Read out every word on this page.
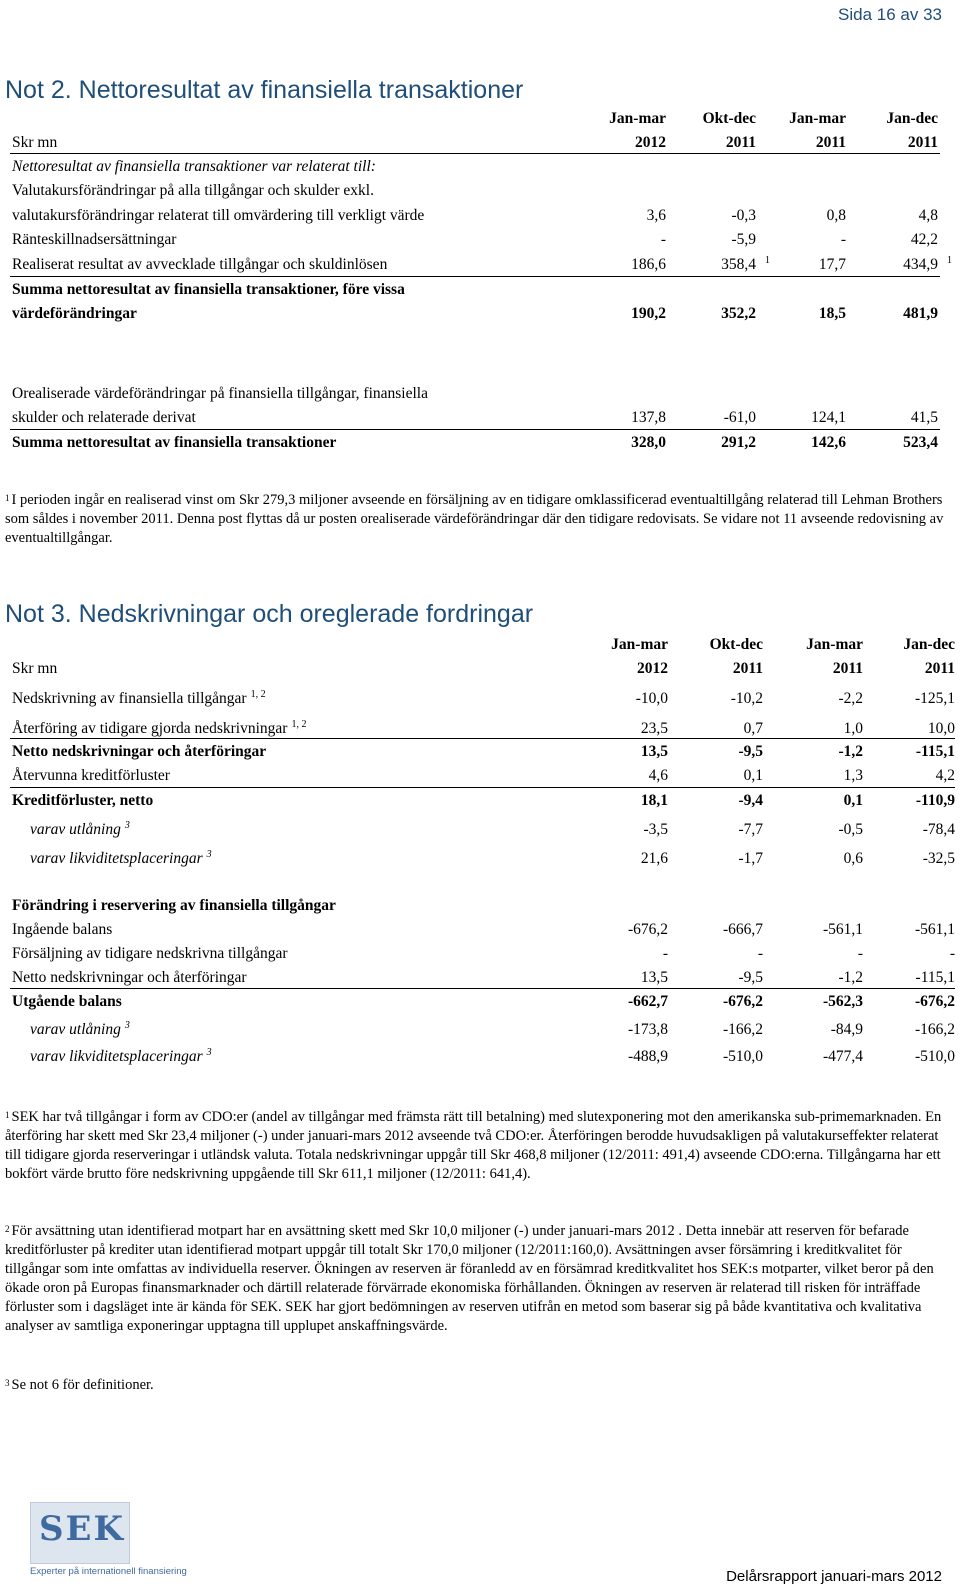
Sida 16 av 33
Not 2. Nettoresultat av finansiella transaktioner
Jan-mar	Okt-dec	Jan-mar	Jan-dec
Skr mn	2012	2011	2011	2011
Nettoresultat av finansiella transaktioner var relaterat till:
Valutakursförändringar på alla tillgångar och skulder exkl.
valutakursförändringar relaterat till omvärdering till verkligt värde	3,6	-0,3	0,8	4,8
Ränteskillnadsersättningar	-	-5,9	-	42,2
Realiserat resultat av avvecklade tillgångar och skuldinlösen	186,6	358,4 1	17,7	434,9 1
Summa nettoresultat av finansiella transaktioner, före vissa
värdeförändringar	190,2	352,2	18,5	481,9
Orealiserade värdeförändringar på finansiella tillgångar, finansiella
skulder och relaterade derivat	137,8	-61,0	124,1	41,5
Summa nettoresultat av finansiella transaktioner	328,0	291,2	142,6	523,4
$^1$ I perioden ingår en realiserad vinst om Skr 279,3 miljoner avseende en försäljning av en tidigare omklassificerad eventualtillgång relaterad till Lehman Brothers som såldes i november 2011. Denna post flyttas då ur posten orealiserade värdeförändringar där den tidigare redovisats. Se vidare not 11 avseende redovisning av eventualtillgångar.
Not 3. Nedskrivningar och oreglerade fordringar
Jan-mar	Okt-dec	Jan-mar	Jan-dec
Skr mn	2012	2011	2011	2011
Nedskrivning av finansiella tillgångar $^{1, 2}$	-10,0	-10,2	-2,2	-125,1
Återföring av tidigare gjorda nedskrivningar $^{1, 2}$	23,5	0,7	1,0	10,0
Netto nedskrivningar och återföringar	13,5	-9,5	-1,2	-115,1
Återvunna kreditförluster	4,6	0,1	1,3	4,2
Kreditförluster, netto	18,1	-9,4	0,1	-110,9
varav utlåning $^3$	-3,5	-7,7	-0,5	-78,4
varav likviditetsplaceringar $^3$	21,6	-1,7	0,6	-32,5
Förändring i reservering av finansiella tillgångar
Ingående balans	-676,2	-666,7	-561,1	-561,1
Försäljning av tidigare nedskrivna tillgångar	-	-	-	-
Netto nedskrivningar och återföringar	13,5	-9,5	-1,2	-115,1
Utgående balans	-662,7	-676,2	-562,3	-676,2
varav utlåning $^3$	-173,8	-166,2	-84,9	-166,2
varav likviditetsplaceringar $^3$	-488,9	-510,0	-477,4	-510,0
$^1$ SEK har två tillgångar i form av CDO:er (andel av tillgångar med främsta rätt till betalning) med slutexponering mot den amerikanska sub-primemarknaden. En återföring har skett med Skr 23,4 miljoner (-) under januari-mars 2012 avseende två CDO:er. Återföringen berodde huvudsakligen på valutakurseffekter relaterat till tidigare gjorda reserveringar i utländsk valuta. Totala nedskrivningar uppgår till Skr 468,8 miljoner (12/2011: 491,4) avseende CDO:erna. Tillgångarna har ett bokfört värde brutto före nedskrivning uppgående till Skr 611,1 miljoner (12/2011: 641,4).
$^2$ För avsättning utan identifierad motpart har en avsättning skett med Skr 10,0 miljoner (-) under januari-mars 2012 . Detta innebär att reserven för befarade kreditförluster på krediter utan identifierad motpart uppgår till totalt Skr 170,0 miljoner (12/2011:160,0). Avsättningen avser försämring i kreditkvalitet för tillgångar som inte omfattas av individuella reserver. Ökningen av reserven är föranledd av en försämrad kreditkvalitet hos SEK:s motparter, vilket beror på den ökade oron på Europas finansmarknader och därtill relaterade förvärrade ekonomiska förhållanden. Ökningen av reserven är relaterad till risken för inträffade förluster som i dagsläget inte är kända för SEK. SEK har gjort bedömningen av reserven utifrån en metod som baserar sig på både kvantitativa och kvalitativa analyser av samtliga exponeringar upptagna till upplupet anskaffningsvärde.
$^3$ Se not 6 för definitioner.
SEK
Experter på internationell finansiering	Delårsrapport januari-mars 2012
